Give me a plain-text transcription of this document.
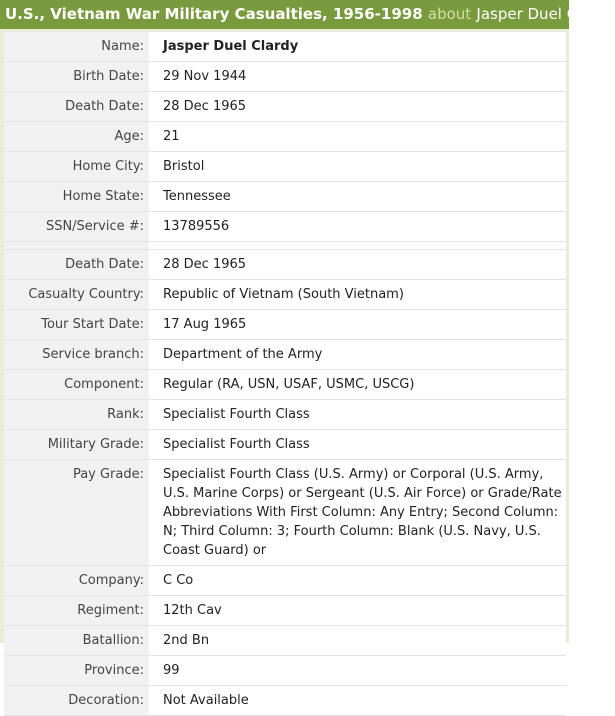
U.S., Vietnam War Military Casualties, 1956-1998 about Jasper Duel Clardy
Name:	Jasper Duel Clardy
Birth Date:	29 Nov 1944
Death Date:	28 Dec 1965
Age:	21
Home City:	Bristol
Home State:	Tennessee
SSN/Service #:	13789556
Death Date:	28 Dec 1965
Casualty Country:	Republic of Vietnam (South Vietnam)
Tour Start Date:	17 Aug 1965
Service branch:	Department of the Army
Component:	Regular (RA, USN, USAF, USMC, USCG)
Rank:	Specialist Fourth Class
Military Grade:	Specialist Fourth Class
Pay Grade:	Specialist Fourth Class (U.S. Army) or Corporal (U.S. Army, U.S. Marine Corps) or Sergeant (U.S. Air Force) or Grade/Rate Abbreviations With First Column: Any Entry; Second Column: N; Third Column: 3; Fourth Column: Blank (U.S. Navy, U.S. Coast Guard) or
Company:	C Co
Regiment:	12th Cav
Batallion:	2nd Bn
Province:	99
Decoration:	Not Available
